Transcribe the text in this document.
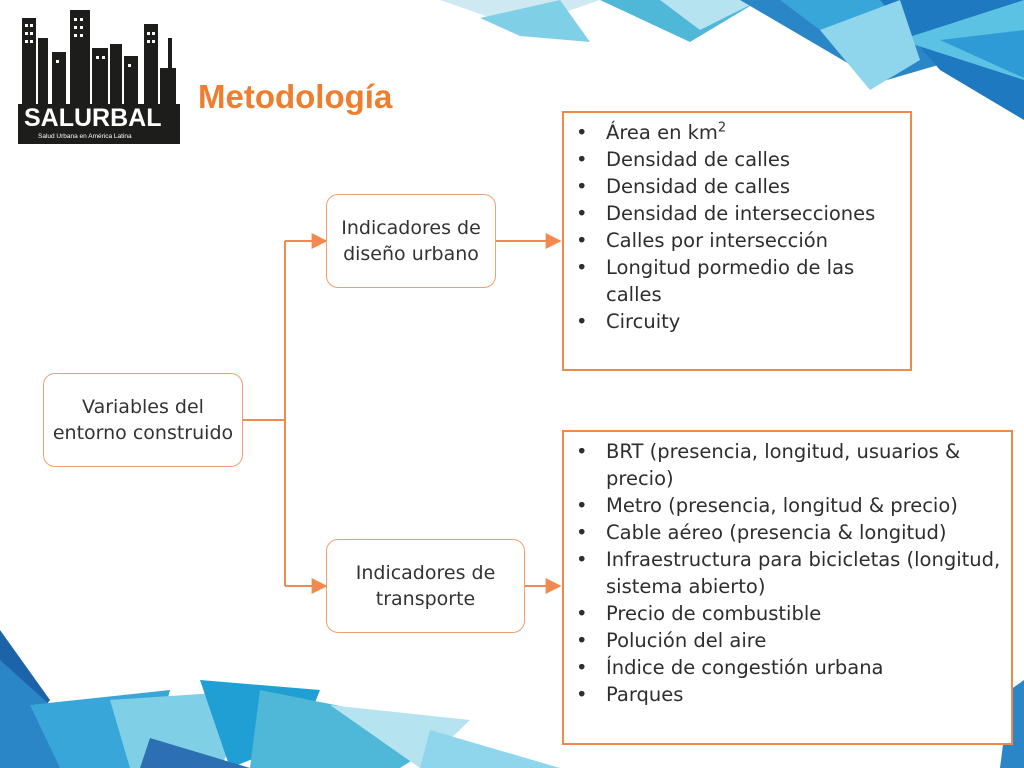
SALURBAL
Salud Urbana en América Latina
Metodología
Variables del entorno construido
Indicadores de diseño urbano
Indicadores de transporte
• Área en $km^2$
• Densidad de calles
• Densidad de calles
• Densidad de intersecciones
• Calles por intersección
• Longitud pormedio de las calles
• Circuity
• BRT (presencia, longitud, usuarios & precio)
• Metro (presencia, longitud & precio)
• Cable aéreo (presencia & longitud)
• Infraestructura para bicicletas (longitud, sistema abierto)
• Precio de combustible
• Polución del aire
• Índice de congestión urbana
• Parques
